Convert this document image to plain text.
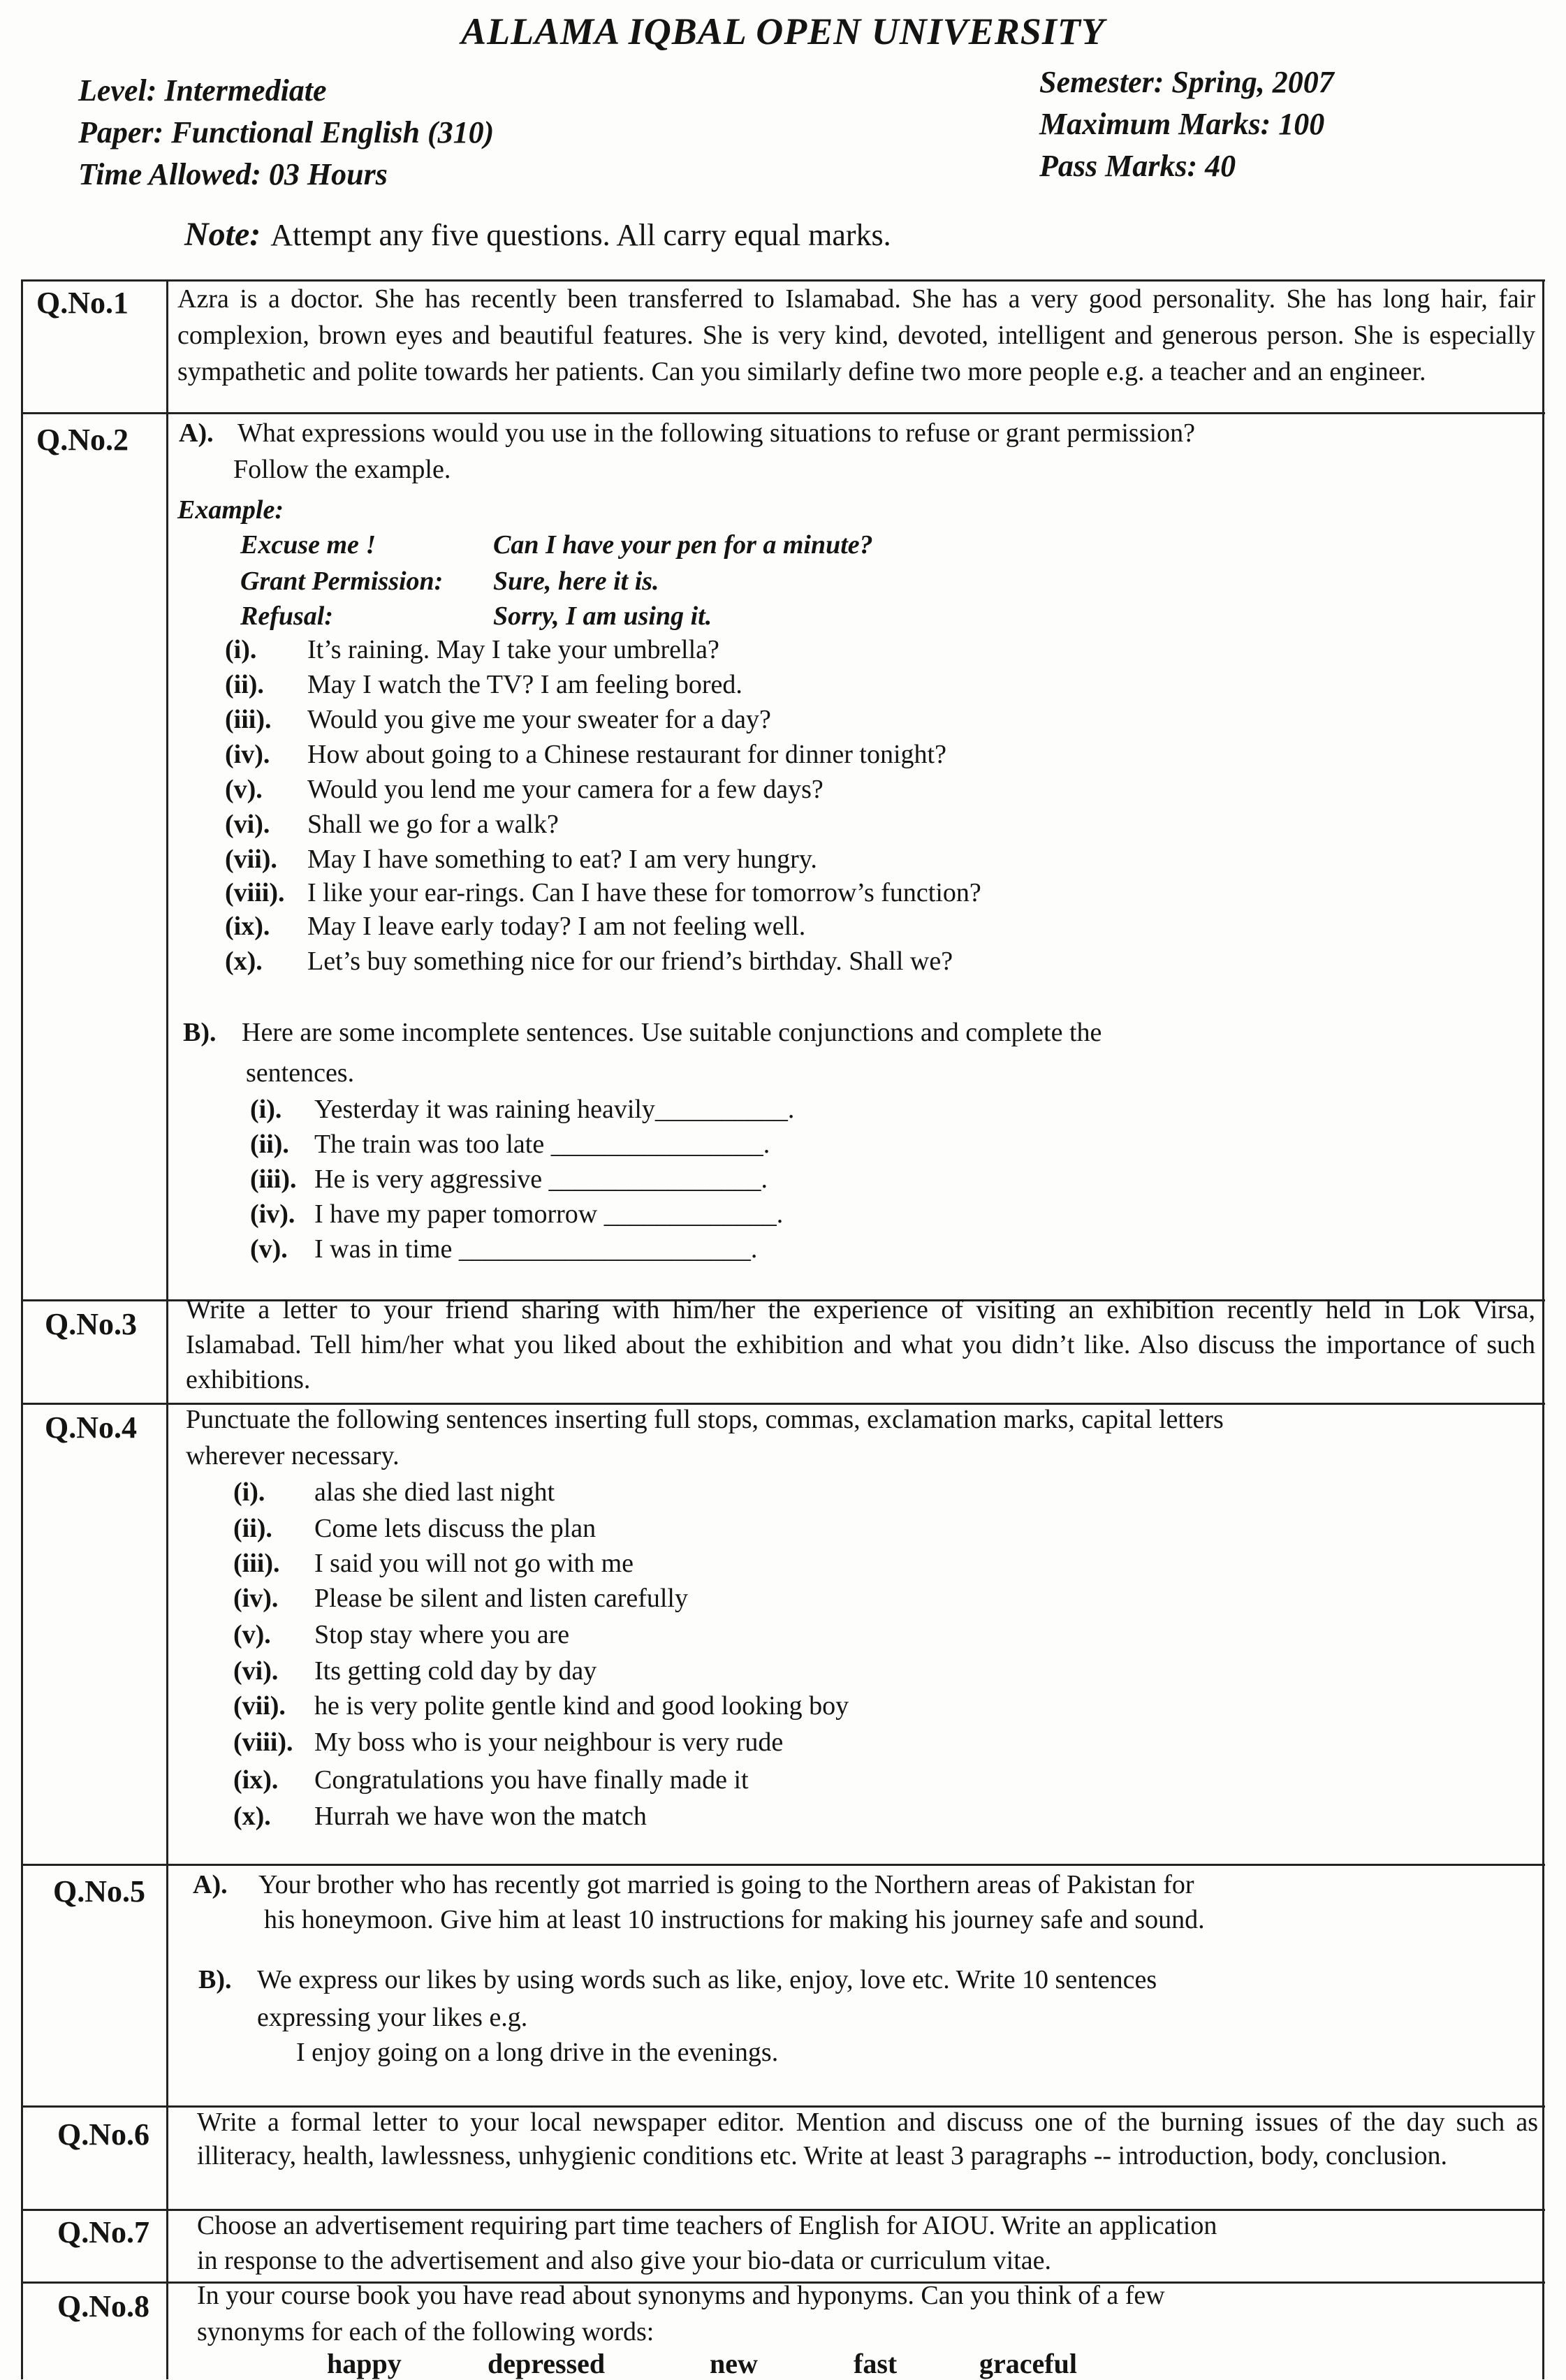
ALLAMA IQBAL OPEN UNIVERSITY
Level: Intermediate
Paper: Functional English (310)
Time Allowed: 03 Hours
Semester: Spring, 2007
Maximum Marks: 100
Pass Marks: 40
Note: Attempt any five questions. All carry equal marks.
Q.No.1 Azra is a doctor. She has recently been transferred to Islamabad. She has a very good personality. She has long hair, fair complexion, brown eyes and beautiful features. She is very kind, devoted, intelligent and generous person. She is especially sympathetic and polite towards her patients. Can you similarly define two more people e.g. a teacher and an engineer.
Q.No.2 A). What expressions would you use in the following situations to refuse or grant permission?
Follow the example.
Example:
Excuse me !	Can I have your pen for a minute?
Grant Permission: Sure, here it is.
Refusal:	Sorry, I am using it.
(i). It’s raining. May I take your umbrella?
(ii). May I watch the TV? I am feeling bored.
(iii). Would you give me your sweater for a day?
(iv). How about going to a Chinese restaurant for dinner tonight?
(v). Would you lend me your camera for a few days?
(vi). Shall we go for a walk?
(vii). May I have something to eat? I am very hungry.
(viii). I like your ear-rings. Can I have these for tomorrow’s function?
(ix). May I leave early today? I am not feeling well.
(x). Let’s buy something nice for our friend’s birthday. Shall we?
B). Here are some incomplete sentences. Use suitable conjunctions and complete the
sentences.
(i). Yesterday it was raining heavily__________.
(ii). The train was too late ________________.
(iii). He is very aggressive ________________.
(iv). I have my paper tomorrow _____________.
(v). I was in time ______________________.
Q.No.3 Write a letter to your friend sharing with him/her the experience of visiting an exhibition recently held in Lok Virsa, Islamabad. Tell him/her what you liked about the exhibition and what you didn’t like. Also discuss the importance of such exhibitions.
Q.No.4 Punctuate the following sentences inserting full stops, commas, exclamation marks, capital letters
wherever necessary.
(i). alas she died last night
(ii). Come lets discuss the plan
(iii). I said you will not go with me
(iv). Please be silent and listen carefully
(v). Stop stay where you are
(vi). Its getting cold day by day
(vii). he is very polite gentle kind and good looking boy
(viii). My boss who is your neighbour is very rude
(ix). Congratulations you have finally made it
(x). Hurrah we have won the match
Q.No.5 A). Your brother who has recently got married is going to the Northern areas of Pakistan for
his honeymoon. Give him at least 10 instructions for making his journey safe and sound.
B). We express our likes by using words such as like, enjoy, love etc. Write 10 sentences
expressing your likes e.g.
I enjoy going on a long drive in the evenings.
Q.No.6 Write a formal letter to your local newspaper editor. Mention and discuss one of the burning issues of the day such as illiteracy, health, lawlessness, unhygienic conditions etc. Write at least 3 paragraphs -- introduction, body, conclusion.
Q.No.7 Choose an advertisement requiring part time teachers of English for AIOU. Write an application
in response to the advertisement and also give your bio-data or curriculum vitae.
Q.No.8 In your course book you have read about synonyms and hyponyms. Can you think of a few
synonyms for each of the following words:
happy	depressed	new	fast	graceful
